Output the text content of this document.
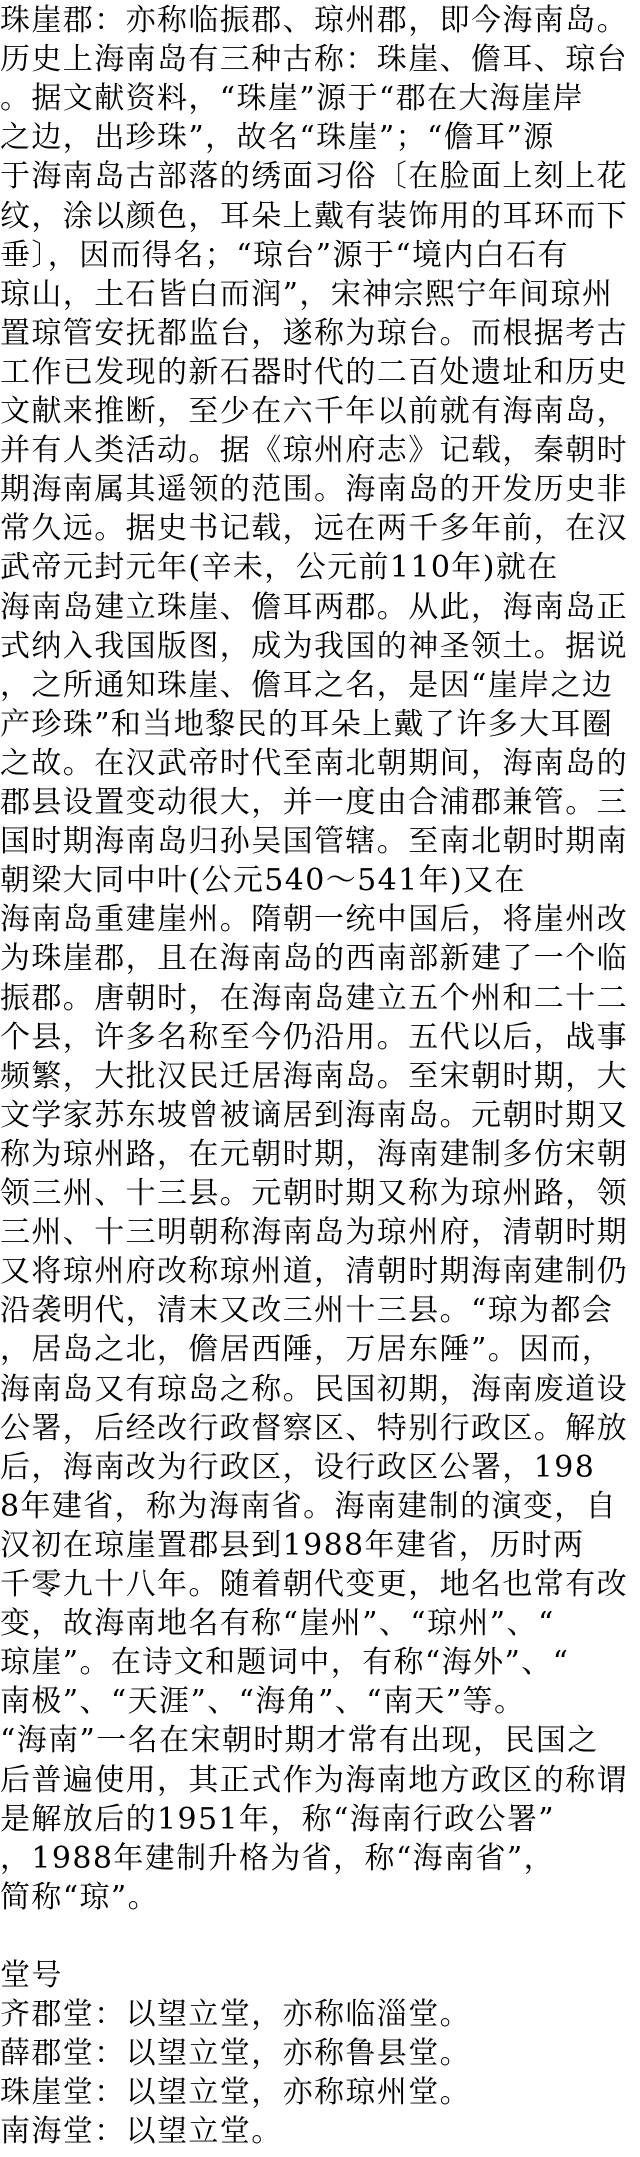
珠崖郡：亦称临振郡、琼州郡，即今海南岛。
历史上海南岛有三种古称：珠崖、儋耳、琼台
。据文献资料，“珠崖”源于“郡在大海崖岸
之边，出珍珠”，故名“珠崖”；“儋耳”源
于海南岛古部落的绣面习俗〔在脸面上刻上花
纹，涂以颜色，耳朵上戴有装饰用的耳环而下
垂〕，因而得名；“琼台”源于“境内白石有
琼山，土石皆白而润”，宋神宗熙宁年间琼州
置琼管安抚都监台，遂称为琼台。而根据考古
工作已发现的新石器时代的二百处遗址和历史
文献来推断，至少在六千年以前就有海南岛，
并有人类活动。据《琼州府志》记载，秦朝时
期海南属其遥领的范围。海南岛的开发历史非
常久远。据史书记载，远在两千多年前，在汉
武帝元封元年(辛未，公元前110年)就在
海南岛建立珠崖、儋耳两郡。从此，海南岛正
式纳入我国版图，成为我国的神圣领土。据说
，之所通知珠崖、儋耳之名，是因“崖岸之边
产珍珠”和当地黎民的耳朵上戴了许多大耳圈
之故。在汉武帝时代至南北朝期间，海南岛的
郡县设置变动很大，并一度由合浦郡兼管。三
国时期海南岛归孙吴国管辖。至南北朝时期南
朝梁大同中叶(公元540～541年)又在
海南岛重建崖州。隋朝一统中国后，将崖州改
为珠崖郡，且在海南岛的西南部新建了一个临
振郡。唐朝时，在海南岛建立五个州和二十二
个县，许多名称至今仍沿用。五代以后，战事
频繁，大批汉民迁居海南岛。至宋朝时期，大
文学家苏东坡曾被谪居到海南岛。元朝时期又
称为琼州路，在元朝时期，海南建制多仿宋朝
领三州、十三县。元朝时期又称为琼州路，领
三州、十三明朝称海南岛为琼州府，清朝时期
又将琼州府改称琼州道，清朝时期海南建制仍
沿袭明代，清末又改三州十三县。“琼为都会
，居岛之北，儋居西陲，万居东陲”。因而，
海南岛又有琼岛之称。民国初期，海南废道设
公署，后经改行政督察区、特别行政区。解放
后，海南改为行政区，设行政区公署，198
8年建省，称为海南省。海南建制的演变，自
汉初在琼崖置郡县到1988年建省，历时两
千零九十八年。随着朝代变更，地名也常有改
变，故海南地名有称“崖州”、“琼州”、“
琼崖”。在诗文和题词中，有称“海外”、“
南极”、“天涯”、“海角”、“南天”等。
“海南”一名在宋朝时期才常有出现，民国之
后普遍使用，其正式作为海南地方政区的称谓
是解放后的1951年，称“海南行政公署”
，1988年建制升格为省，称“海南省”，
简称“琼”。
堂号
齐郡堂：以望立堂，亦称临淄堂。
薛郡堂：以望立堂，亦称鲁县堂。
珠崖堂：以望立堂，亦称琼州堂。
南海堂：以望立堂。
